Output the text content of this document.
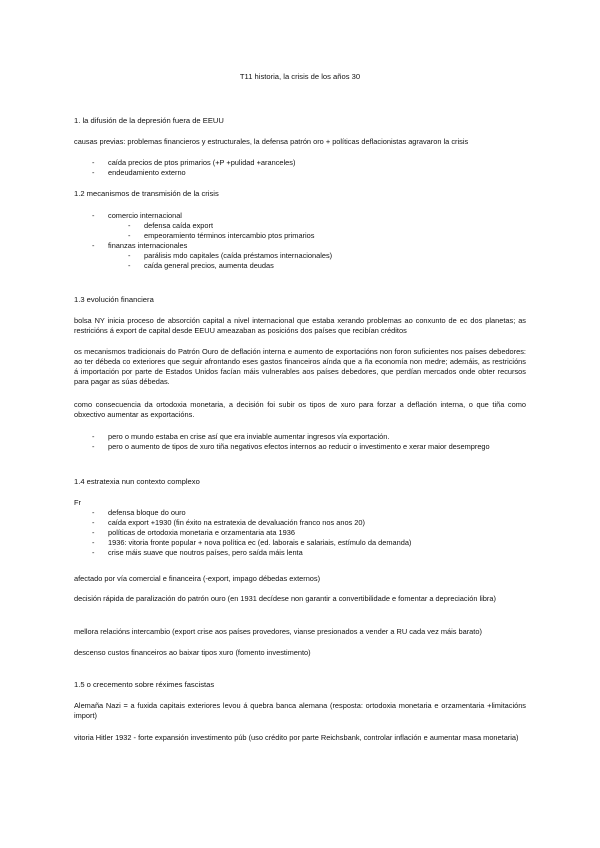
T11 historia, la crisis de los años 30
1. la difusión de la depresión fuera de EEUU

causas previas: problemas financieros y estructurales, la defensa patrón oro + políticas deflacionistas agravaron la crisis

- caída precios de ptos primarios (+P +pulidad +aranceles)
- endeudamiento externo
1.2 mecanismos de transmisión de la crisis
- comercio internacional
- defensa caída export
- empeoramiento términos intercambio ptos primarios
- finanzas internacionales
- parálisis mdo capitales (caída préstamos internacionales)
- caída general precios, aumenta deudas
1.3 evolución financiera

bolsa NY inicia proceso de absorción capital a nivel internacional que estaba xerando problemas ao conxunto de ec dos planetas; as restricións á export de capital desde EEUU ameazaban as posicións dos países que recibían créditos

os mecanismos tradicionais do Patrón Ouro de deflación interna e aumento de exportacións non foron suficientes nos países debedores: ao ter débeda co exteriores que seguir afrontando eses gastos financeiros aínda que a ña economía non medre; ademáis, as restricións á importación por parte de Estados Unidos facían máis vulnerables aos países debedores, que perdían mercados onde obter recursos para pagar as súas débedas.

como consecuencia da ortodoxia monetaria, a decisión foi subir os tipos de xuro para forzar a deflación interna, o que tiña como obxectivo aumentar as exportacións.

- pero o mundo estaba en crise así que era inviable aumentar ingresos vía exportación.
- pero o aumento de tipos de xuro tiña negativos efectos internos ao reducir o investimento e xerar maior desemprego
1.4 estratexia nun contexto complexo
Fr
- defensa bloque do ouro
- caída export +1930 (fin éxito na estratexia de devaluación franco nos anos 20)
- políticas de ortodoxia monetaria e orzamentaria ata 1936
- 1936: vitoria fronte popular + nova política ec (ed. laborais e salariais, estímulo da demanda)
- crise máis suave que noutros países, pero saída máis lenta

afectado por vía comercial e financeira (-export, impago débedas externos)

decisión rápida de paralización do patrón ouro (en 1931 decídese non garantir a convertibilidade e fomentar a depreciación libra)

mellora relacións intercambio (export crise aos países provedores, vianse presionados a vender a RU cada vez máis barato)

descenso custos financeiros ao baixar tipos xuro (fomento investimento)

1.5 o crecemento sobre réximes fascistas

Alemaña Nazi = a fuxida capitais exteriores levou á quebra banca alemana (resposta: ortodoxia monetaria e orzamentaria +limitacións import)

vitoria Hitler 1932 - forte expansión investimento púb (uso crédito por parte Reichsbank, controlar inflación e aumentar masa monetaria)
